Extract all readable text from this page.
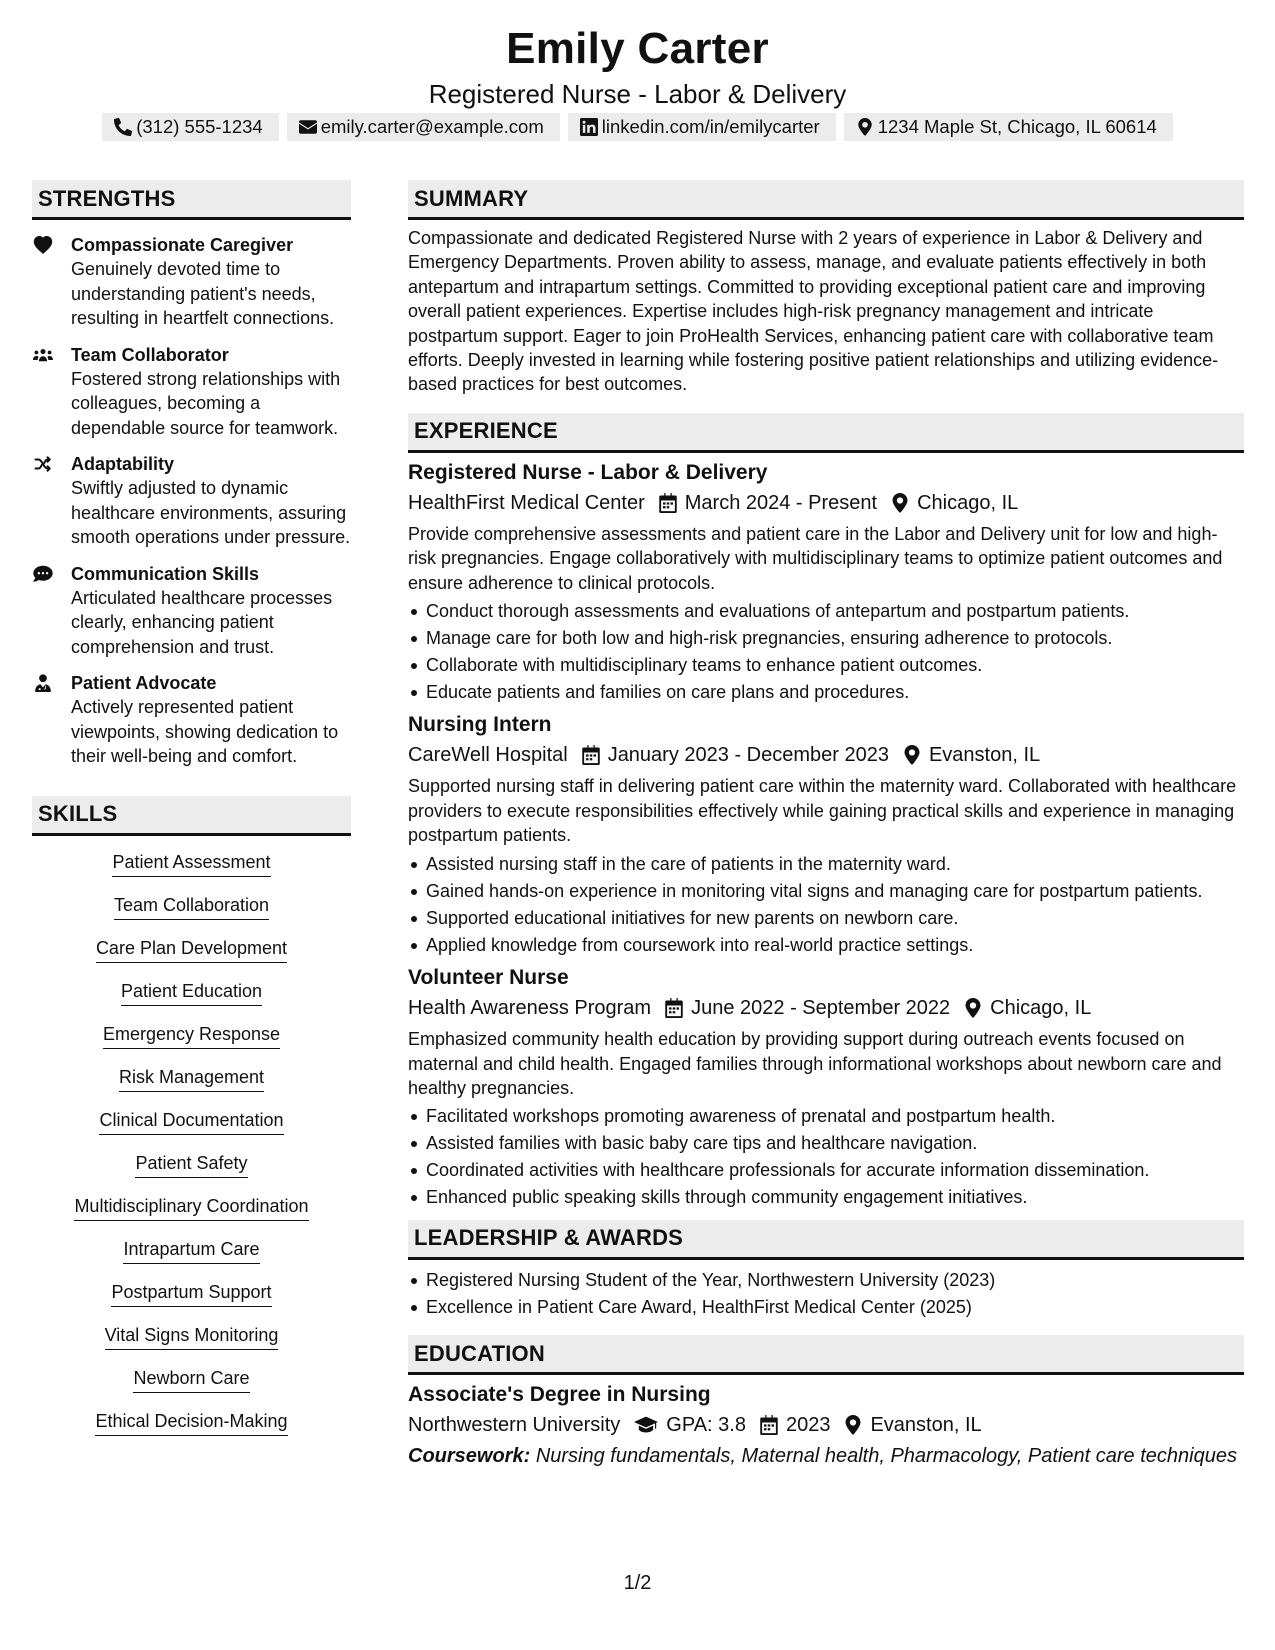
Emily Carter
Registered Nurse - Labor & Delivery
(312) 555-1234	emily.carter@example.com	linkedin.com/in/emilycarter	1234 Maple St, Chicago, IL 60614
STRENGTHS
Compassionate Caregiver
Genuinely devoted time to understanding patient's needs, resulting in heartfelt connections.
Team Collaborator
Fostered strong relationships with colleagues, becoming a dependable source for teamwork.
Adaptability
Swiftly adjusted to dynamic healthcare environments, assuring smooth operations under pressure.
Communication Skills
Articulated healthcare processes clearly, enhancing patient comprehension and trust.
Patient Advocate
Actively represented patient viewpoints, showing dedication to their well-being and comfort.
SKILLS
Patient Assessment
Team Collaboration
Care Plan Development
Patient Education
Emergency Response
Risk Management
Clinical Documentation
Patient Safety
Multidisciplinary Coordination
Intrapartum Care
Postpartum Support
Vital Signs Monitoring
Newborn Care
Ethical Decision-Making
SUMMARY
Compassionate and dedicated Registered Nurse with 2 years of experience in Labor & Delivery and Emergency Departments. Proven ability to assess, manage, and evaluate patients effectively in both antepartum and intrapartum settings. Committed to providing exceptional patient care and improving overall patient experiences. Expertise includes high-risk pregnancy management and intricate postpartum support. Eager to join ProHealth Services, enhancing patient care with collaborative team efforts. Deeply invested in learning while fostering positive patient relationships and utilizing evidence-based practices for best outcomes.
EXPERIENCE
Registered Nurse - Labor & Delivery
HealthFirst Medical Center March 2024 - Present Chicago, IL
Provide comprehensive assessments and patient care in the Labor and Delivery unit for low and high-risk pregnancies. Engage collaboratively with multidisciplinary teams to optimize patient outcomes and ensure adherence to clinical protocols.
Conduct thorough assessments and evaluations of antepartum and postpartum patients.
Manage care for both low and high-risk pregnancies, ensuring adherence to protocols.
Collaborate with multidisciplinary teams to enhance patient outcomes.
Educate patients and families on care plans and procedures.
Nursing Intern
CareWell Hospital January 2023 - December 2023 Evanston, IL
Supported nursing staff in delivering patient care within the maternity ward. Collaborated with healthcare providers to execute responsibilities effectively while gaining practical skills and experience in managing postpartum patients.
Assisted nursing staff in the care of patients in the maternity ward.
Gained hands-on experience in monitoring vital signs and managing care for postpartum patients.
Supported educational initiatives for new parents on newborn care.
Applied knowledge from coursework into real-world practice settings.
Volunteer Nurse
Health Awareness Program June 2022 - September 2022 Chicago, IL
Emphasized community health education by providing support during outreach events focused on maternal and child health. Engaged families through informational workshops about newborn care and healthy pregnancies.
Facilitated workshops promoting awareness of prenatal and postpartum health.
Assisted families with basic baby care tips and healthcare navigation.
Coordinated activities with healthcare professionals for accurate information dissemination.
Enhanced public speaking skills through community engagement initiatives.
LEADERSHIP & AWARDS
Registered Nursing Student of the Year, Northwestern University (2023)
Excellence in Patient Care Award, HealthFirst Medical Center (2025)
EDUCATION
Associate's Degree in Nursing
Northwestern University GPA: 3.8 2023 Evanston, IL
Coursework: Nursing fundamentals, Maternal health, Pharmacology, Patient care techniques
1/2
